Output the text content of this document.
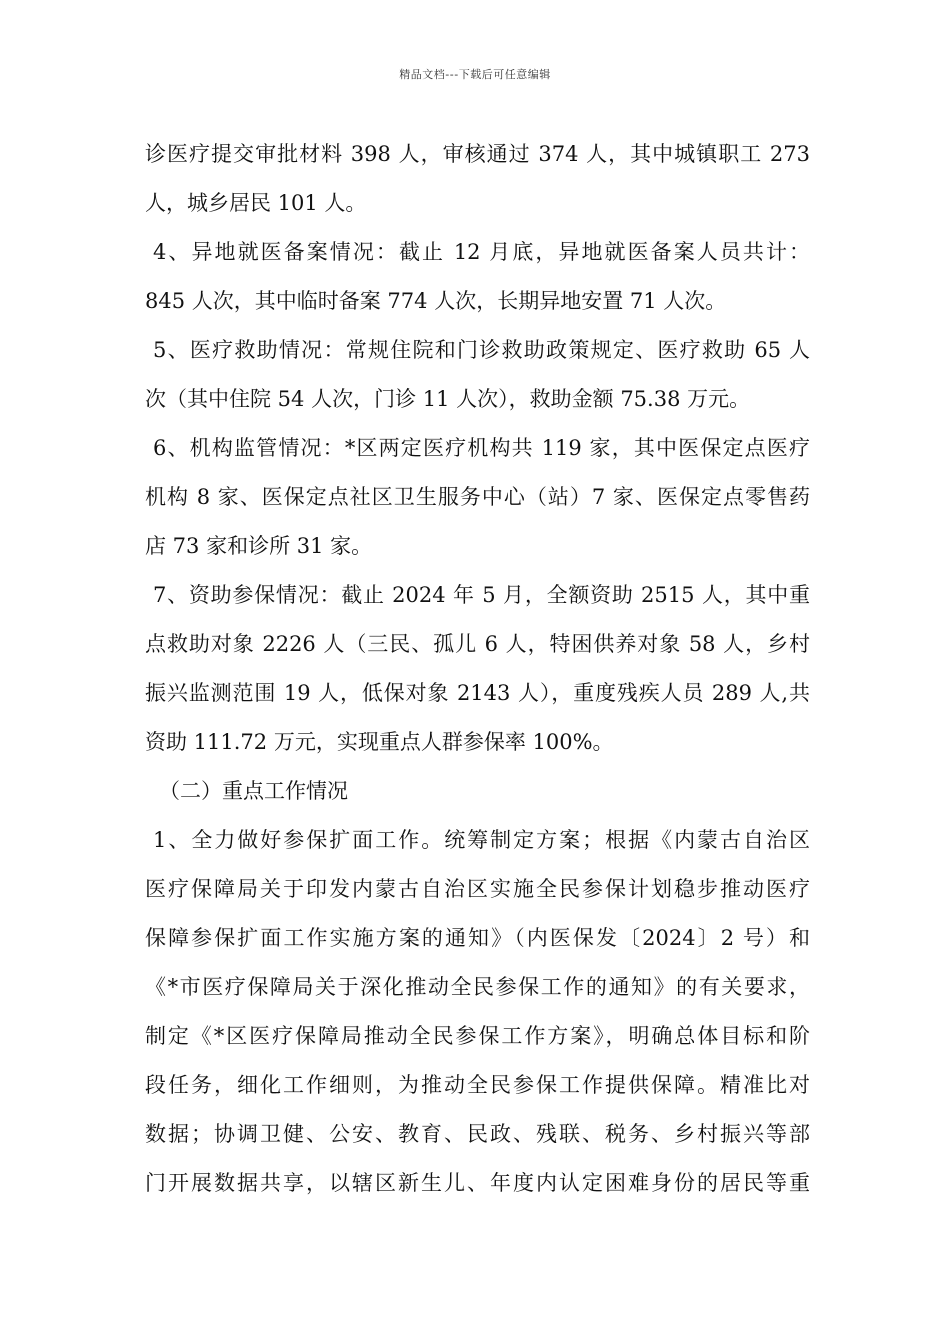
精品文档---下载后可任意编辑
诊医疗提交审批材料 398 人，审核通过 374 人，其中城镇职工 273
人，城乡居民 101 人。
4、异地就医备案情况：截止 12 月底，异地就医备案人员共计：
845 人次，其中临时备案 774 人次，长期异地安置 71 人次。
5、医疗救助情况：常规住院和门诊救助政策规定、医疗救助 65 人
次（其中住院 54 人次，门诊 11 人次），救助金额 75.38 万元。
6、机构监管情况：*区两定医疗机构共 119 家，其中医保定点医疗
机构 8 家、医保定点社区卫生服务中心（站）7 家、医保定点零售药
店 73 家和诊所 31 家。
7、资助参保情况：截止 2024 年 5 月，全额资助 2515 人，其中重
点救助对象 2226 人（三民、孤儿 6 人，特困供养对象 58 人，乡村
振兴监测范围 19 人，低保对象 2143 人），重度残疾人员 289 人,共
资助 111.72 万元，实现重点人群参保率 100%。
（二）重点工作情况
1、全力做好参保扩面工作。统筹制定方案；根据《内蒙古自治区
医疗保障局关于印发内蒙古自治区实施全民参保计划稳步推动医疗
保障参保扩面工作实施方案的通知》（内医保发〔2024〕2 号）和
《*市医疗保障局关于深化推动全民参保工作的通知》的有关要求，
制定《*区医疗保障局推动全民参保工作方案》，明确总体目标和阶
段任务，细化工作细则，为推动全民参保工作提供保障。精准比对
数据；协调卫健、公安、教育、民政、残联、税务、乡村振兴等部
门开展数据共享，以辖区新生儿、年度内认定困难身份的居民等重
